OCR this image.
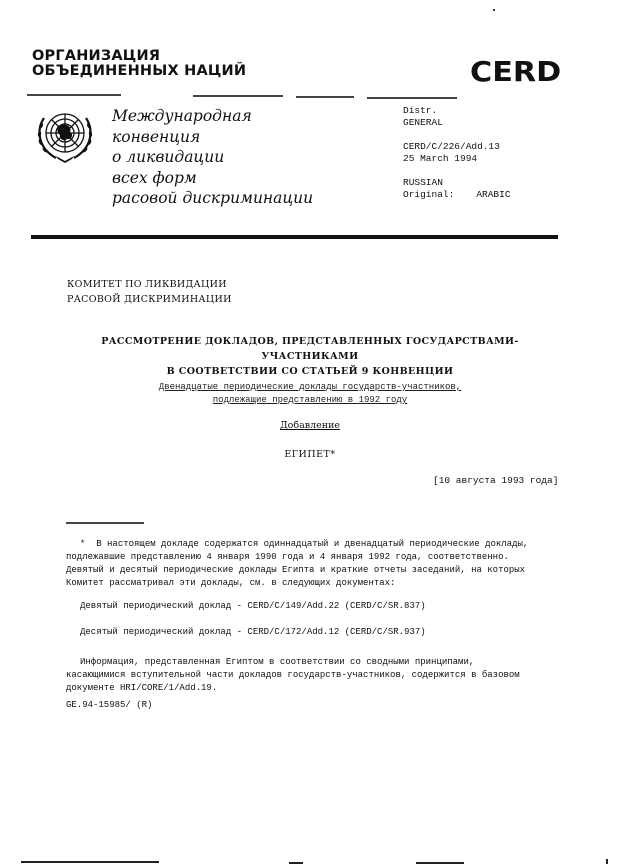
ОРГАНИЗАЦИЯ
ОБЪЕДИНЕННЫХ НАЦИЙ	CERD
Международная
конвенция
о ликвидации
всех форм
расовой дискриминации
Distr.
GENERAL
CERD/C/226/Add.13
25 March 1994
RUSSIAN
Original: ARABIC
КОМИТЕТ ПО ЛИКВИДАЦИИ
РАСОВОЙ ДИСКРИМИНАЦИИ
РАССМОТРЕНИЕ ДОКЛАДОВ, ПРЕДСТАВЛЕННЫХ ГОСУДАРСТВАМИ-УЧАСТНИКАМИ
В СООТВЕТСТВИИ СО СТАТЬЕЙ 9 КОНВЕНЦИИ
Двенадцатые периодические доклады государств-участников,
подлежащие представлению в 1992 году
Добавление
ЕГИПЕТ*
[10 августа 1993 года]
* В настоящем докладе содержатся одиннадцатый и двенадцатый периодические доклады,
подлежавшие представлению 4 января 1990 года и 4 января 1992 года, соответственно.
Девятый и десятый периодические доклады Египта и краткие отчеты заседаний, на которых
Комитет рассматривал эти доклады, см. в следующих документах:
Девятый периодический доклад - CERD/C/149/Add.22 (CERD/C/SR.837)
Десятый периодический доклад - CERD/C/172/Add.12 (CERD/C/SR.937)
Информация, представленная Египтом в соответствии со сводными принципами,
касающимися вступительной части докладов государств-участников, содержится в базовом
документе HRI/CORE/1/Add.19.
GE.94-15985/ (R)
